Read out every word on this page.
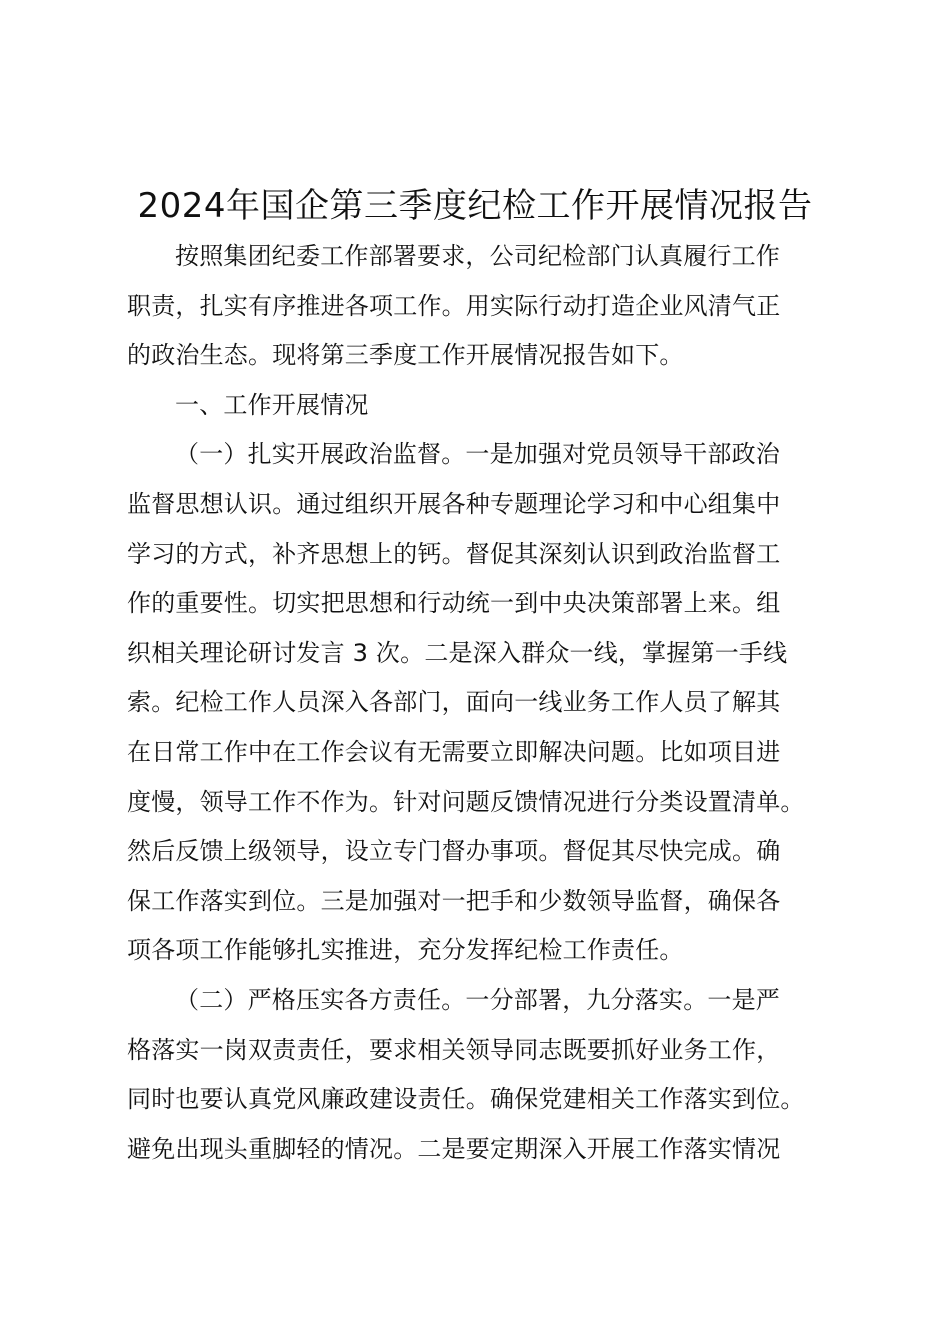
2024年国企第三季度纪检工作开展情况报告

按照集团纪委工作部署要求，公司纪检部门认真履行工作
职责，扎实有序推进各项工作。用实际行动打造企业风清气正
的政治生态。现将第三季度工作开展情况报告如下。

一、工作开展情况

（一）扎实开展政治监督。一是加强对党员领导干部政治
监督思想认识。通过组织开展各种专题理论学习和中心组集中
学习的方式，补齐思想上的钙。督促其深刻认识到政治监督工
作的重要性。切实把思想和行动统一到中央决策部署上来。组
织相关理论研讨发言 3 次。二是深入群众一线，掌握第一手线
索。纪检工作人员深入各部门，面向一线业务工作人员了解其
在日常工作中在工作会议有无需要立即解决问题。比如项目进
度慢，领导工作不作为。针对问题反馈情况进行分类设置清单。
然后反馈上级领导，设立专门督办事项。督促其尽快完成。确
保工作落实到位。三是加强对一把手和少数领导监督，确保各
项各项工作能够扎实推进，充分发挥纪检工作责任。

（二）严格压实各方责任。一分部署，九分落实。一是严
格落实一岗双责责任，要求相关领导同志既要抓好业务工作，
同时也要认真党风廉政建设责任。确保党建相关工作落实到位。
避免出现头重脚轻的情况。二是要定期深入开展工作落实情况
